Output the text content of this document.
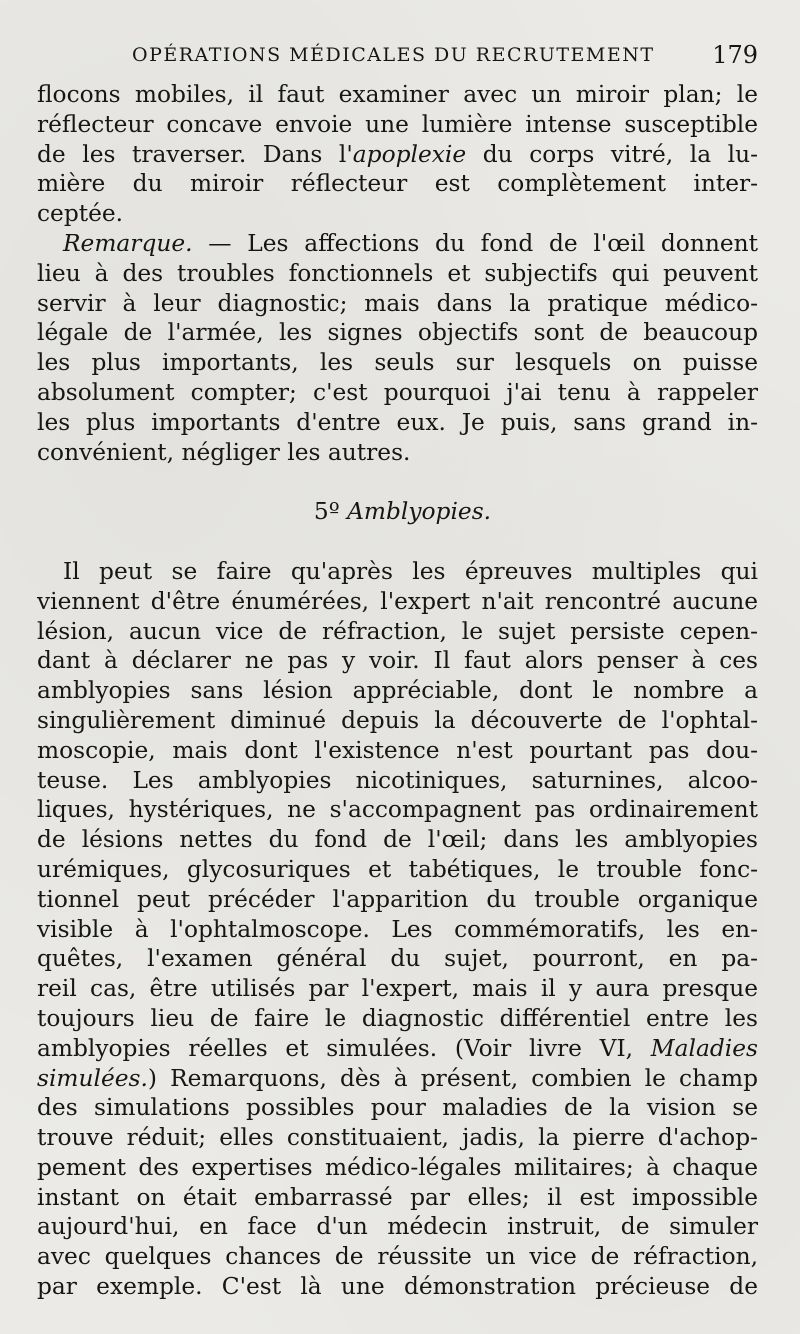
OPÉRATIONS MÉDICALES DU RECRUTEMENT 179

flocons mobiles, il faut examiner avec un miroir plan; le
réflecteur concave envoie une lumière intense susceptible
de les traverser. Dans l'apoplexie du corps vitré, la lu-
mière du miroir réflecteur est complètement inter-
ceptée.

Remarque. — Les affections du fond de l'œil donnent
lieu à des troubles fonctionnels et subjectifs qui peuvent
servir à leur diagnostic; mais dans la pratique médico-
légale de l'armée, les signes objectifs sont de beaucoup
les plus importants, les seuls sur lesquels on puisse
absolument compter; c'est pourquoi j'ai tenu à rappeler
les plus importants d'entre eux. Je puis, sans grand in-
convénient, négliger les autres.

5º Amblyopies.

Il peut se faire qu'après les épreuves multiples qui
viennent d'être énumérées, l'expert n'ait rencontré aucune
lésion, aucun vice de réfraction, le sujet persiste cepen-
dant à déclarer ne pas y voir. Il faut alors penser à ces
amblyopies sans lésion appréciable, dont le nombre a
singulièrement diminué depuis la découverte de l'ophtal-
moscopie, mais dont l'existence n'est pourtant pas dou-
teuse. Les amblyopies nicotiniques, saturnines, alcoo-
liques, hystériques, ne s'accompagnent pas ordinairement
de lésions nettes du fond de l'œil; dans les amblyopies
urémiques, glycosuriques et tabétiques, le trouble fonc-
tionnel peut précéder l'apparition du trouble organique
visible à l'ophtalmoscope. Les commémoratifs, les en-
quêtes, l'examen général du sujet, pourront, en pa-
reil cas, être utilisés par l'expert, mais il y aura presque
toujours lieu de faire le diagnostic différentiel entre les
amblyopies réelles et simulées. (Voir livre VI, Maladies
simulées.) Remarquons, dès à présent, combien le champ
des simulations possibles pour maladies de la vision se
trouve réduit; elles constituaient, jadis, la pierre d'achop-
pement des expertises médico-légales militaires; à chaque
instant on était embarrassé par elles; il est impossible
aujourd'hui, en face d'un médecin instruit, de simuler
avec quelques chances de réussite un vice de réfraction,
par exemple. C'est là une démonstration précieuse de
